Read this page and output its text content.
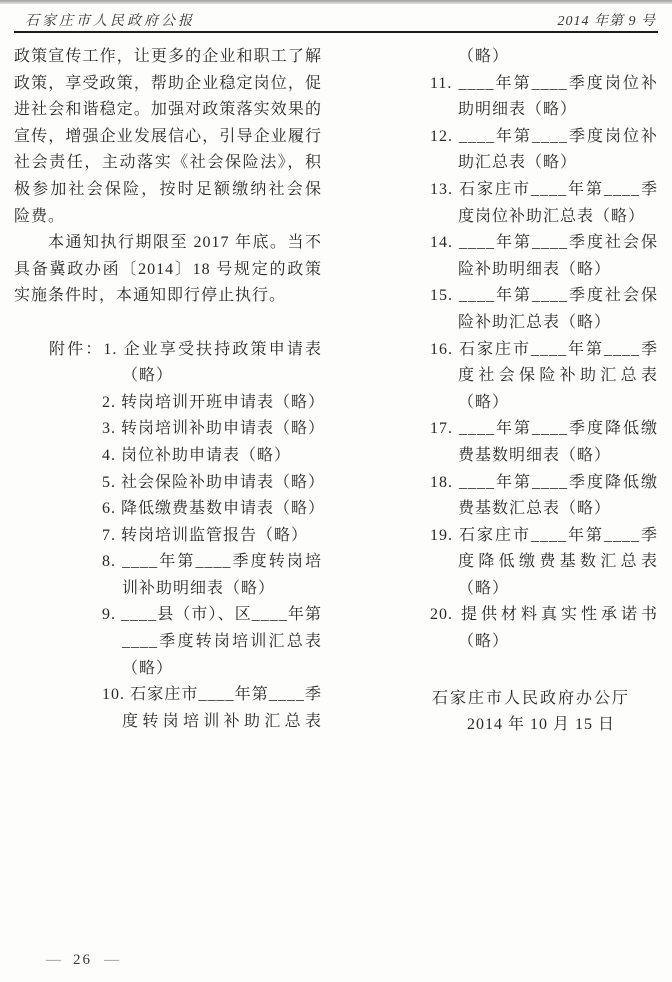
石家庄市人民政府公报	2014 年第 9 号
政策宣传工作，让更多的企业和职工了解
政策，享受政策，帮助企业稳定岗位，促
进社会和谐稳定。加强对政策落实效果的
宣传，增强企业发展信心，引导企业履行
社会责任，主动落实《社会保险法》，积
极参加社会保险，按时足额缴纳社会保
险费。
本通知执行期限至 2017 年底。当不
具备冀政办函〔2014〕18 号规定的政策
实施条件时，本通知即行停止执行。
附件：1. 企业享受扶持政策申请表
（略）
2. 转岗培训开班申请表（略）
3. 转岗培训补助申请表（略）
4. 岗位补助申请表（略）
5. 社会保险补助申请表（略）
6. 降低缴费基数申请表（略）
7. 转岗培训监管报告（略）
8. ____年第____季度转岗培
训补助明细表（略）
9. ____县（市）、区____年第
____季度转岗培训汇总表
（略）
10. 石家庄市____年第____季
度转岗培训补助汇总表
（略）
11. ____年第____季度岗位补
助明细表（略）
12. ____年第____季度岗位补
助汇总表（略）
13. 石家庄市____年第____季
度岗位补助汇总表（略）
14. ____年第____季度社会保
险补助明细表（略）
15. ____年第____季度社会保
险补助汇总表（略）
16. 石家庄市____年第____季
度社会保险补助汇总表
（略）
17. ____年第____季度降低缴
费基数明细表（略）
18. ____年第____季度降低缴
费基数汇总表（略）
19. 石家庄市____年第____季
度降低缴费基数汇总表
（略）
20. 提供材料真实性承诺书
（略）
石家庄市人民政府办公厅
2014 年 10 月 15 日
— 26 —
